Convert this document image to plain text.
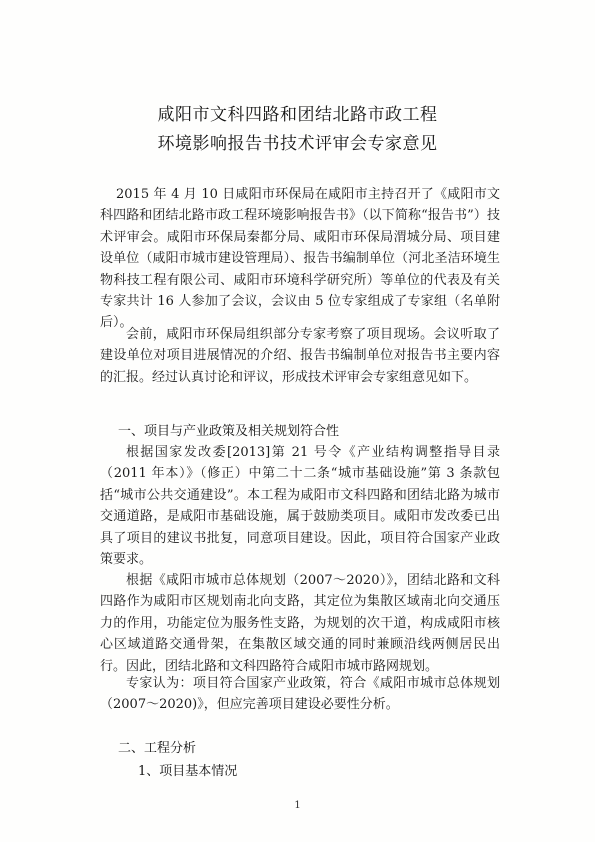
咸阳市文科四路和团结北路市政工程
环境影响报告书技术评审会专家意见

2015 年 4 月 10 日咸阳市环保局在咸阳市主持召开了《咸阳市文科四路和团结北路市政工程环境影响报告书》（以下简称“报告书”）技术评审会。咸阳市环保局秦都分局、咸阳市环保局渭城分局、项目建设单位（咸阳市城市建设管理局）、报告书编制单位（河北圣洁环境生物科技工程有限公司、咸阳市环境科学研究所）等单位的代表及有关专家共计 16 人参加了会议，会议由 5 位专家组成了专家组（名单附后）。

会前，咸阳市环保局组织部分专家考察了项目现场。会议听取了建设单位对项目进展情况的介绍、报告书编制单位对报告书主要内容的汇报。经过认真讨论和评议，形成技术评审会专家组意见如下。

一、项目与产业政策及相关规划符合性

根据国家发改委[2013]第 21 号令《产业结构调整指导目录（2011 年本）》（修正）中第二十二条“城市基础设施”第 3 条款包括“城市公共交通建设”。本工程为咸阳市文科四路和团结北路为城市交通道路，是咸阳市基础设施，属于鼓励类项目。咸阳市发改委已出具了项目的建议书批复，同意项目建设。因此，项目符合国家产业政策要求。

根据《咸阳市城市总体规划（2007～2020）》，团结北路和文科四路作为咸阳市区规划南北向支路，其定位为集散区域南北向交通压力的作用，功能定位为服务性支路，为规划的次干道，构成咸阳市核心区域道路交通骨架，在集散区域交通的同时兼顾沿线两侧居民出行。因此，团结北路和文科四路符合咸阳市城市路网规划。

专家认为：项目符合国家产业政策，符合《咸阳市城市总体规划（2007～2020)》，但应完善项目建设必要性分析。

二、工程分析

1、项目基本情况

1
